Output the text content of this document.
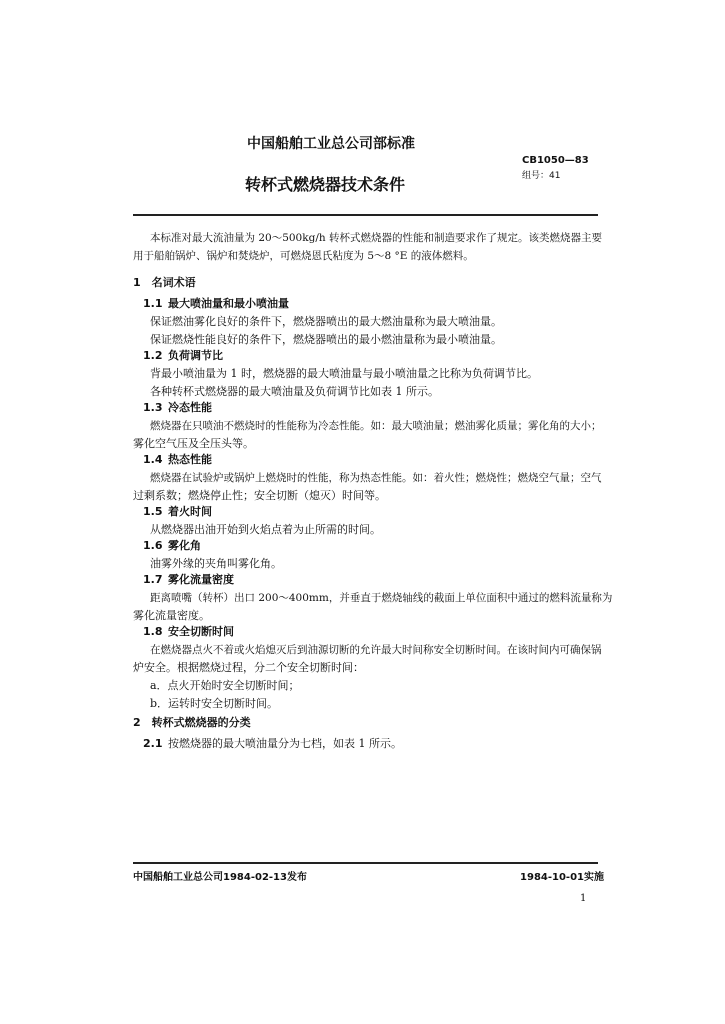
中国船舶工业总公司部标准
转杯式燃烧器技术条件
CB1050—83
组号：41
本标准对最大流油量为 20～500kg/h 转杯式燃烧器的性能和制造要求作了规定。该类燃烧器主要
用于船舶锅炉、锅炉和焚烧炉，可燃烧恩氏粘度为 5～8 °E 的液体燃料。
1　名词术语
1.1 最大喷油量和最小喷油量
保证燃油雾化良好的条件下，燃烧器喷出的最大燃油量称为最大喷油量。
保证燃烧性能良好的条件下，燃烧器喷出的最小燃油量称为最小喷油量。
1.2 负荷调节比
背最小喷油量为 1 时，燃烧器的最大喷油量与最小喷油量之比称为负荷调节比。
各种转杯式燃烧器的最大喷油量及负荷调节比如表 1 所示。
1.3 冷态性能
燃烧器在只喷油不燃烧时的性能称为冷态性能。如：最大喷油量；燃油雾化质量；雾化角的大小；
雾化空气压及全压头等。
1.4 热态性能
燃烧器在试验炉或锅炉上燃烧时的性能，称为热态性能。如：着火性；燃烧性；燃烧空气量；空气
过剩系数；燃烧停止性；安全切断（熄灭）时间等。
1.5 着火时间
从燃烧器出油开始到火焰点着为止所需的时间。
1.6 雾化角
油雾外缘的夹角叫雾化角。
1.7 雾化流量密度
距离喷嘴（转杯）出口 200～400mm，并垂直于燃烧轴线的截面上单位面积中通过的燃料流量称为
雾化流量密度。
1.8 安全切断时间
在燃烧器点火不着或火焰熄灭后到油源切断的允许最大时间称安全切断时间。在该时间内可确保锅
炉安全。根据燃烧过程，分二个安全切断时间：
a．点火开始时安全切断时间；
b．运转时安全切断时间。
2　转杯式燃烧器的分类
2.1 按燃烧器的最大喷油量分为七档，如表 1 所示。
中国船舶工业总公司1984-02-13发布	1984-10-01实施
1
